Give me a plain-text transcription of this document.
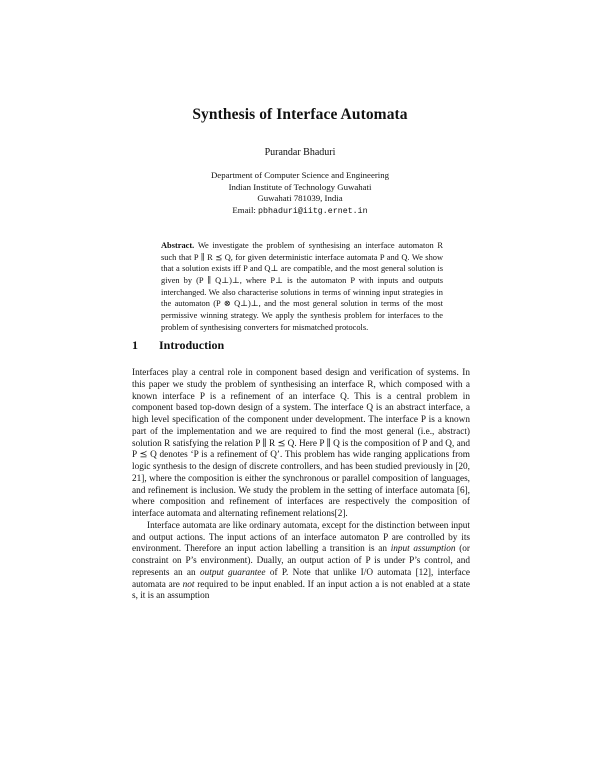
Synthesis of Interface Automata
Purandar Bhaduri
Department of Computer Science and Engineering
Indian Institute of Technology Guwahati
Guwahati 781039, India
Email: pbhaduri@iitg.ernet.in
Abstract. We investigate the problem of synthesising an interface automaton R such that P ∥ R ⪯ Q, for given deterministic interface automata P and Q. We show that a solution exists iff P and Q⊥ are compatible, and the most general solution is given by (P ∥ Q⊥)⊥, where P⊥ is the automaton P with inputs and outputs interchanged. We also characterise solutions in terms of winning input strategies in the automaton (P ⊗ Q⊥)⊥, and the most general solution in terms of the most permissive winning strategy. We apply the synthesis problem for interfaces to the problem of synthesising converters for mismatched protocols.
1 Introduction

Interfaces play a central role in component based design and verification of systems. In this paper we study the problem of synthesising an interface R, which composed with a known interface P is a refinement of an interface Q. This is a central problem in component based top-down design of a system. The interface Q is an abstract interface, a high level specification of the component under development. The interface P is a known part of the implementation and we are required to find the most general (i.e., abstract) solution R satisfying the relation P ∥ R ⪯ Q. Here P ∥ Q is the composition of P and Q, and P ⪯ Q denotes ‘P is a refinement of Q’. This problem has wide ranging applications from logic synthesis to the design of discrete controllers, and has been studied previously in [20, 21], where the composition is either the synchronous or parallel composition of languages, and refinement is inclusion. We study the problem in the setting of interface automata [6], where composition and refinement of interfaces are respectively the composition of interface automata and alternating refinement relations[2].

Interface automata are like ordinary automata, except for the distinction between input and output actions. The input actions of an interface automaton P are controlled by its environment. Therefore an input action labelling a transition is an input assumption (or constraint on P’s environment). Dually, an output action of P is under P’s control, and represents an an output guarantee of P. Note that unlike I/O automata [12], interface automata are not required to be input enabled. If an input action a is not enabled at a state s, it is an assumption
